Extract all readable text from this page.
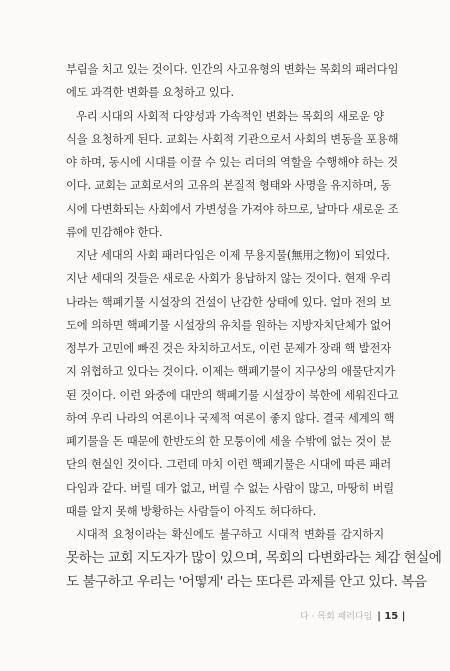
부림을 치고 있는 것이다. 인간의 사고유형의 변화는 목회의 패러다임
에도 과격한 변화를 요청하고 있다.
우리 시대의 사회적 다양성과 가속적인 변화는 목회의 새로운 양
식을 요청하게 된다. 교회는 사회적 기관으로서 사회의 변동을 포용해
야 하며, 동시에 시대를 이끌 수 있는 리더의 역할을 수행해야 하는 것
이다. 교회는 교회로서의 고유의 본질적 형태와 사명을 유지하며, 동
시에 다변화되는 사회에서 가변성을 가져야 하므로, 날마다 새로운 조
류에 민감해야 한다.
지난 세대의 사회 패러다임은 이제 무용지물(無用之物)이 되었다.
지난 세대의 것들은 새로운 사회가 용납하지 않는 것이다. 현재 우리
나라는 핵폐기물 시설장의 건설이 난감한 상태에 있다. 얼마 전의 보
도에 의하면 핵폐기물 시설장의 유치를 원하는 지방자치단체가 없어
정부가 고민에 빠진 것은 차치하고서도, 이런 문제가 장래 핵 발전자
지 위협하고 있다는 것이다. 이제는 핵폐기물이 지구상의 애물단지가
된 것이다. 이런 와중에 대만의 핵폐기물 시설장이 북한에 세워진다고
하여 우리 나라의 여론이나 국제적 여론이 좋지 않다. 결국 세계의 핵
폐기물을 돈 때문에 한반도의 한 모퉁이에 세울 수밖에 없는 것이 분
단의 현실인 것이다. 그런데 마치 이런 핵폐기물은 시대에 따른 패러
다임과 같다. 버릴 데가 없고, 버릴 수 없는 사람이 많고, 마땅히 버릴
때를 알지 못해 방황하는 사람들이 아직도 허다하다.
시대적 요청이라는 확신에도 불구하고 시대적 변화를 감지하지
못하는 교회 지도자가 많이 있으며, 목회의 다변화라는 체감 현실에
도 불구하고 우리는 '어떻게' 라는 또다른 과제를 안고 있다. 복음
다 · 목회 패러다임 | 15 |
